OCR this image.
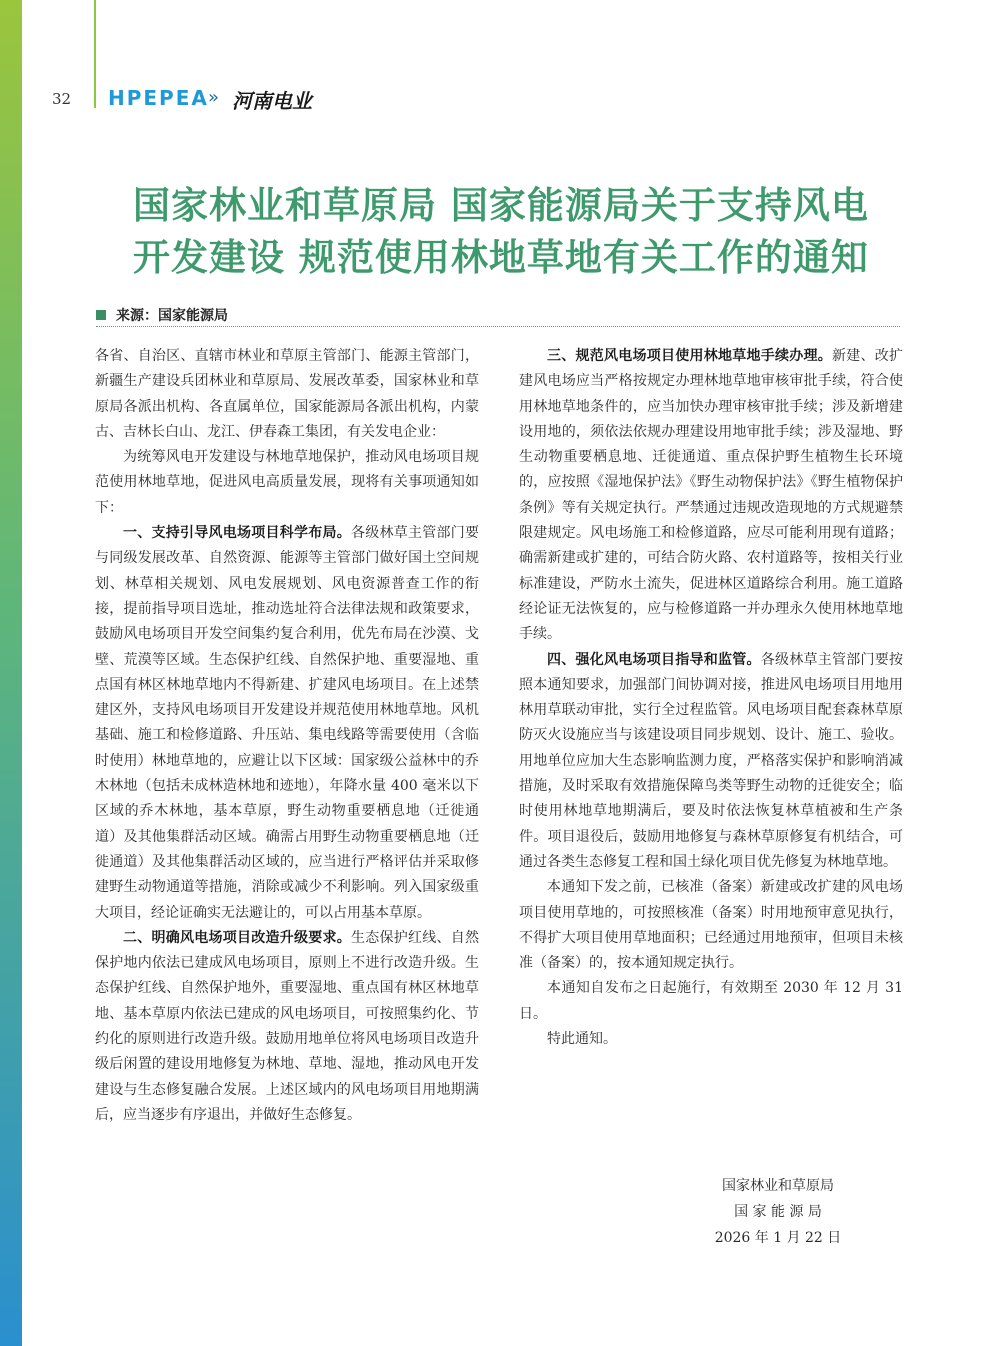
32 HPEPEA » 河南电业
国家林业和草原局 国家能源局关于支持风电
开发建设 规范使用林地草地有关工作的通知
来源：国家能源局

各省、自治区、直辖市林业和草原主管部门、能源主管部门，新疆生产建设兵团林业和草原局、发展改革委，国家林业和草原局各派出机构、各直属单位，国家能源局各派出机构，内蒙古、吉林长白山、龙江、伊春森工集团，有关发电企业：

为统筹风电开发建设与林地草地保护，推动风电场项目规范使用林地草地，促进风电高质量发展，现将有关事项通知如下：

一、支持引导风电场项目科学布局。各级林草主管部门要与同级发展改革、自然资源、能源等主管部门做好国土空间规划、林草相关规划、风电发展规划、风电资源普查工作的衔接，提前指导项目选址，推动选址符合法律法规和政策要求，鼓励风电场项目开发空间集约复合利用，优先布局在沙漠、戈壁、荒漠等区域。生态保护红线、自然保护地、重要湿地、重点国有林区林地草地内不得新建、扩建风电场项目。在上述禁建区外，支持风电场项目开发建设并规范使用林地草地。风机基础、施工和检修道路、升压站、集电线路等需要使用（含临时使用）林地草地的，应避让以下区域：国家级公益林中的乔木林地（包括未成林造林地和迹地），年降水量 400 毫米以下区域的乔木林地，基本草原，野生动物重要栖息地（迁徙通道）及其他集群活动区域。确需占用野生动物重要栖息地（迁徙通道）及其他集群活动区域的，应当进行严格评估并采取修建野生动物通道等措施，消除或减少不利影响。列入国家级重大项目，经论证确实无法避让的，可以占用基本草原。

二、明确风电场项目改造升级要求。生态保护红线、自然保护地内依法已建成风电场项目，原则上不进行改造升级。生态保护红线、自然保护地外，重要湿地、重点国有林区林地草地、基本草原内依法已建成的风电场项目，可按照集约化、节约化的原则进行改造升级。鼓励用地单位将风电场项目改造升级后闲置的建设用地修复为林地、草地、湿地，推动风电开发建设与生态修复融合发展。上述区域内的风电场项目用地期满后，应当逐步有序退出，并做好生态修复。

三、规范风电场项目使用林地草地手续办理。新建、改扩建风电场应当严格按规定办理林地草地审核审批手续，符合使用林地草地条件的，应当加快办理审核审批手续；涉及新增建设用地的，须依法依规办理建设用地审批手续；涉及湿地、野生动物重要栖息地、迁徙通道、重点保护野生植物生长环境的，应按照《湿地保护法》《野生动物保护法》《野生植物保护条例》等有关规定执行。严禁通过违规改造现地的方式规避禁限建规定。风电场施工和检修道路，应尽可能利用现有道路；确需新建或扩建的，可结合防火路、农村道路等，按相关行业标准建设，严防水土流失，促进林区道路综合利用。施工道路经论证无法恢复的，应与检修道路一并办理永久使用林地草地手续。

四、强化风电场项目指导和监管。各级林草主管部门要按照本通知要求，加强部门间协调对接，推进风电场项目用地用林用草联动审批，实行全过程监管。风电场项目配套森林草原防灭火设施应当与该建设项目同步规划、设计、施工、验收。用地单位应加大生态影响监测力度，严格落实保护和影响消减措施，及时采取有效措施保障鸟类等野生动物的迁徙安全；临时使用林地草地期满后，要及时依法恢复林草植被和生产条件。项目退役后，鼓励用地修复与森林草原修复有机结合，可通过各类生态修复工程和国土绿化项目优先修复为林地草地。

本通知下发之前，已核准（备案）新建或改扩建的风电场项目使用草地的，可按照核准（备案）时用地预审意见执行，不得扩大项目使用草地面积；已经通过用地预审，但项目未核准（备案）的，按本通知规定执行。

本通知自发布之日起施行，有效期至 2030 年 12 月 31 日。

特此通知。

国家林业和草原局
国 家 能 源 局
2026 年 1 月 22 日
